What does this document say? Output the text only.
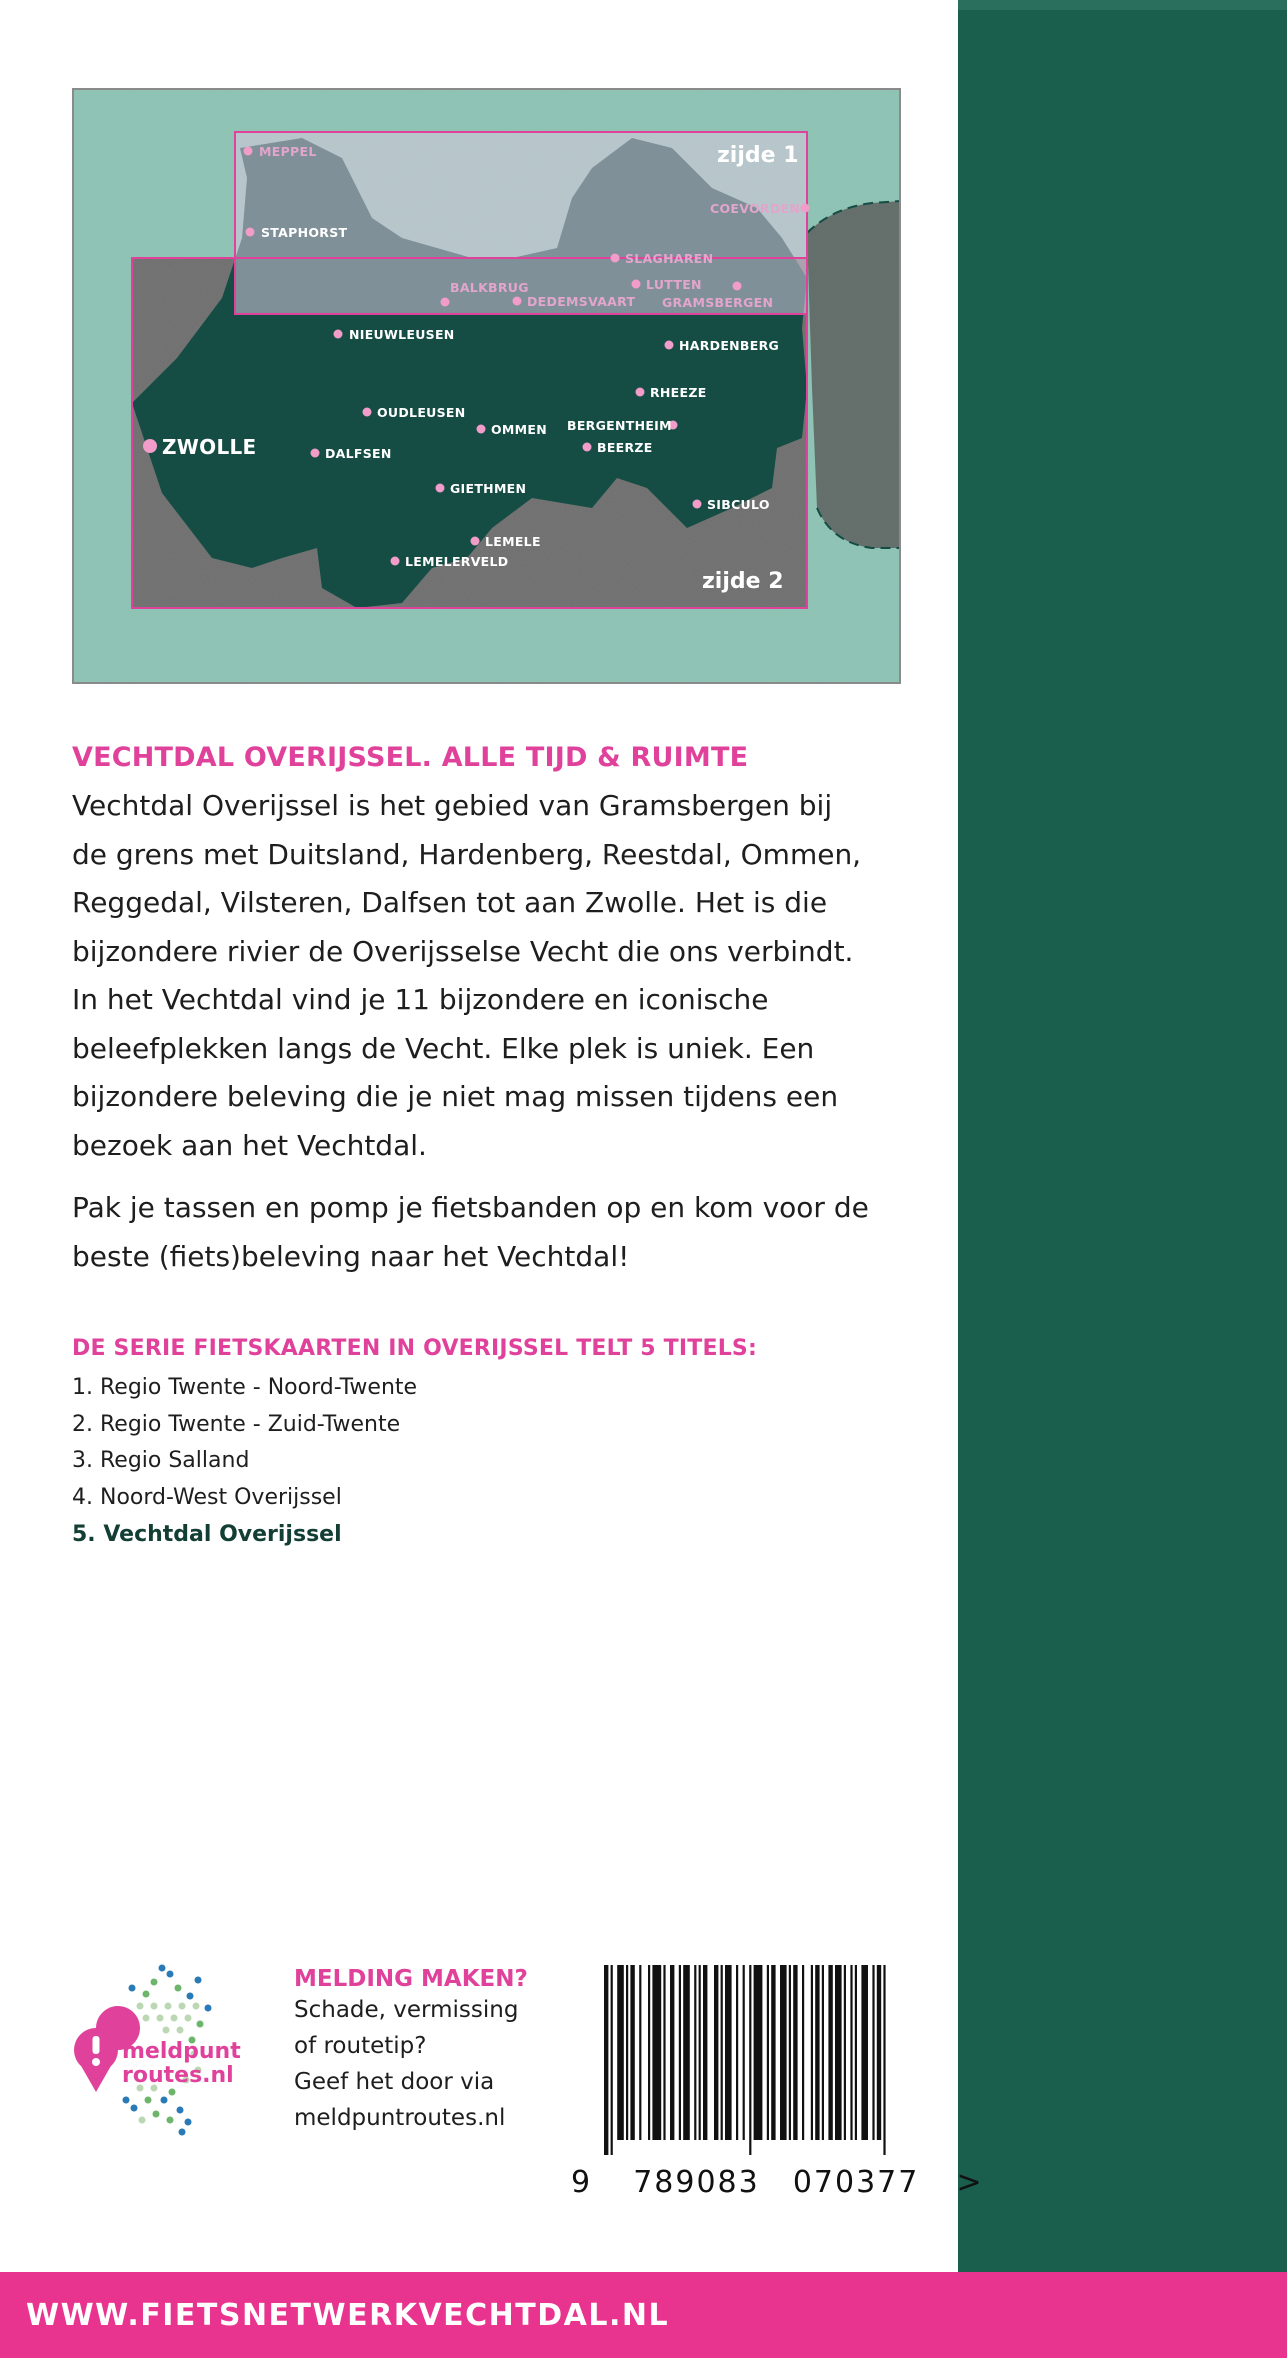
zijde 1
zijde 2
MEPPEL
STAPHORST
COEVORDEN
SLAGHAREN
BALKBRUG	LUTTEN
DEDEMSVAART GRAMSBERGEN
NIEUWLEUSEN
HARDENBERG
RHEEZE
OUDLEUSEN
OMMEN BERGENTHEIM
ZWOLLE	DALFSEN	BEERZE
GIETHMEN
SIBCULO
LEMELE
LEMELERVELD
VECHTDAL OVERIJSSEL. ALLE TIJD & RUIMTE

Vechtdal Overijssel is het gebied van Gramsbergen bij de grens met Duitsland, Hardenberg, Reestdal, Ommen, Reggedal, Vilsteren, Dalfsen tot aan Zwolle. Het is die bijzondere rivier de Overijsselse Vecht die ons verbindt. In het Vechtdal vind je 11 bijzondere en iconische beleefplekken langs de Vecht. Elke plek is uniek. Een bijzondere beleving die je niet mag missen tijdens een bezoek aan het Vechtdal.

Pak je tassen en pomp je fietsbanden op en kom voor de beste (fiets)beleving naar het Vechtdal!

DE SERIE FIETSKAARTEN IN OVERIJSSEL TELT 5 TITELS:
1. Regio Twente - Noord-Twente
2. Regio Twente - Zuid-Twente
3. Regio Salland
4. Noord-West Overijssel
5. Vechtdal Overijssel
meldpunt
routes.nl
MELDING MAKEN?
Schade, vermissing
of routetip?
Geef het door via
meldpuntroutes.nl
9 789083 070377 >
WWW.FIETSNETWERKVECHTDAL.NL
